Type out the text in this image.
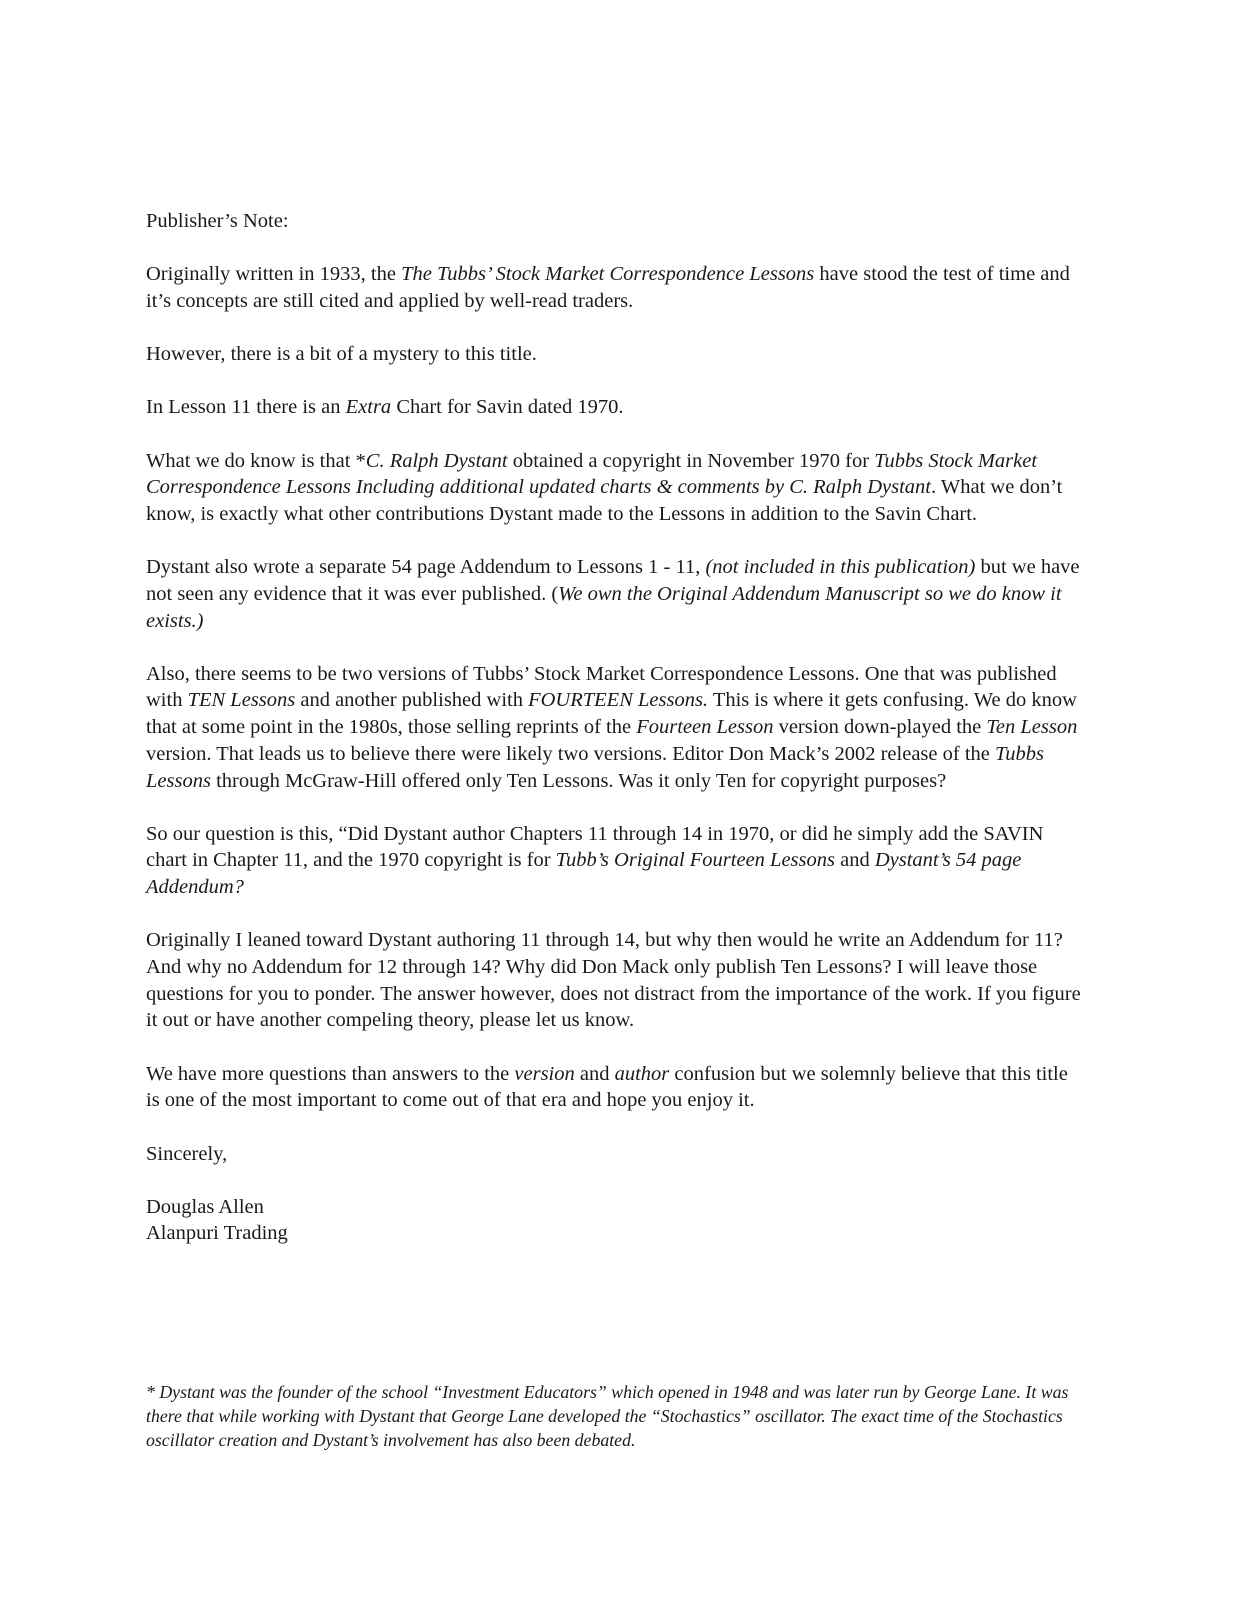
Publisher’s Note:

Originally written in 1933, the The Tubbs’ Stock Market Correspondence Lessons have stood the test of time and it’s concepts are still cited and applied by well-read traders.

However, there is a bit of a mystery to this title.

In Lesson 11 there is an Extra Chart for Savin dated 1970.

What we do know is that *C. Ralph Dystant obtained a copyright in November 1970 for Tubbs Stock Market Correspondence Lessons Including additional updated charts & comments by C. Ralph Dystant. What we don’t know, is exactly what other contributions Dystant made to the Lessons in addition to the Savin Chart.

Dystant also wrote a separate 54 page Addendum to Lessons 1 - 11, (not included in this publication) but we have not seen any evidence that it was ever published. (We own the Original Addendum Manuscript so we do know it exists.)

Also, there seems to be two versions of Tubbs’ Stock Market Correspondence Lessons. One that was published with TEN Lessons and another published with FOURTEEN Lessons. This is where it gets confusing. We do know that at some point in the 1980s, those selling reprints of the Fourteen Lesson version down-played the Ten Lesson version. That leads us to believe there were likely two versions. Editor Don Mack’s 2002 release of the Tubbs Lessons through McGraw-Hill offered only Ten Lessons. Was it only Ten for copyright purposes?

So our question is this, “Did Dystant author Chapters 11 through 14 in 1970, or did he simply add the SAVIN chart in Chapter 11, and the 1970 copyright is for Tubb’s Original Fourteen Lessons and Dystant’s 54 page Addendum?

Originally I leaned toward Dystant authoring 11 through 14, but why then would he write an Addendum for 11? And why no Addendum for 12 through 14? Why did Don Mack only publish Ten Lessons? I will leave those questions for you to ponder. The answer however, does not distract from the importance of the work. If you figure it out or have another compeling theory, please let us know.

We have more questions than answers to the version and author confusion but we solemnly believe that this title is one of the most important to come out of that era and hope you enjoy it.

Sincerely,

Douglas Allen

Alanpuri Trading

* Dystant was the founder of the school “Investment Educators” which opened in 1948 and was later run by George Lane. It was there that while working with Dystant that George Lane developed the “Stochastics” oscillator. The exact time of the Stochastics oscillator creation and Dystant’s involvement has also been debated.
